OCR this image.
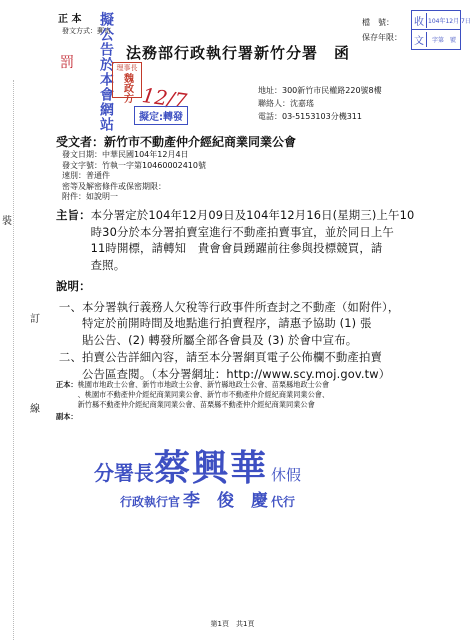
裝
訂
線
正 本
發文方式：郵寄
擬公告於本會網站
罰
法務部行政執行署新竹分署　函
檔　號：
保存年限：
收 104年12月 7日
文	字第	號
理事長
魏政方 12/7
擬定:轉發
地址：300新竹市民權路220號8樓
聯絡人：沈嘉瑤
電話：03-5153103分機311
受文者：新竹市不動產仲介經紀商業同業公會
發文日期：中華民國104年12月4日
發文字號：竹執一字第10460002410號
速別：普通件
密等及解密條件或保密期限：
附件：如說明一
主旨： 本分署定於104年12月09日及104年12月16日(星期三)上午10
時30分於本分署拍賣室進行不動產拍賣事宜，並於同日上午
11時開標，請轉知　貴會會員踴躍前往參與投標競買，請
查照。
說明：
一、 本分署執行義務人欠稅等行政事件所查封之不動產（如附件），
特定於前開時間及地點進行拍賣程序，請惠予協助 (1) 張
貼公告、(2) 轉發所屬全部各會員及 (3) 於會中宣布。
二、 拍賣公告詳細內容，請至本分署網頁電子公佈欄不動產拍賣
公告區查閱。（本分署網址：http://www.scy.moj.gov.tw）
正本： 桃園市地政士公會、新竹市地政士公會、新竹縣地政士公會、苗栗縣地政士公會
、桃園市不動產仲介經紀商業同業公會、新竹市不動產仲介經紀商業同業公會、
新竹縣不動產仲介經紀商業同業公會、苗栗縣不動產仲介經紀商業同業公會
副本：
分署長 蔡興華 休假
行政執行官 李　俊　慶 代行
第1頁　共1頁
